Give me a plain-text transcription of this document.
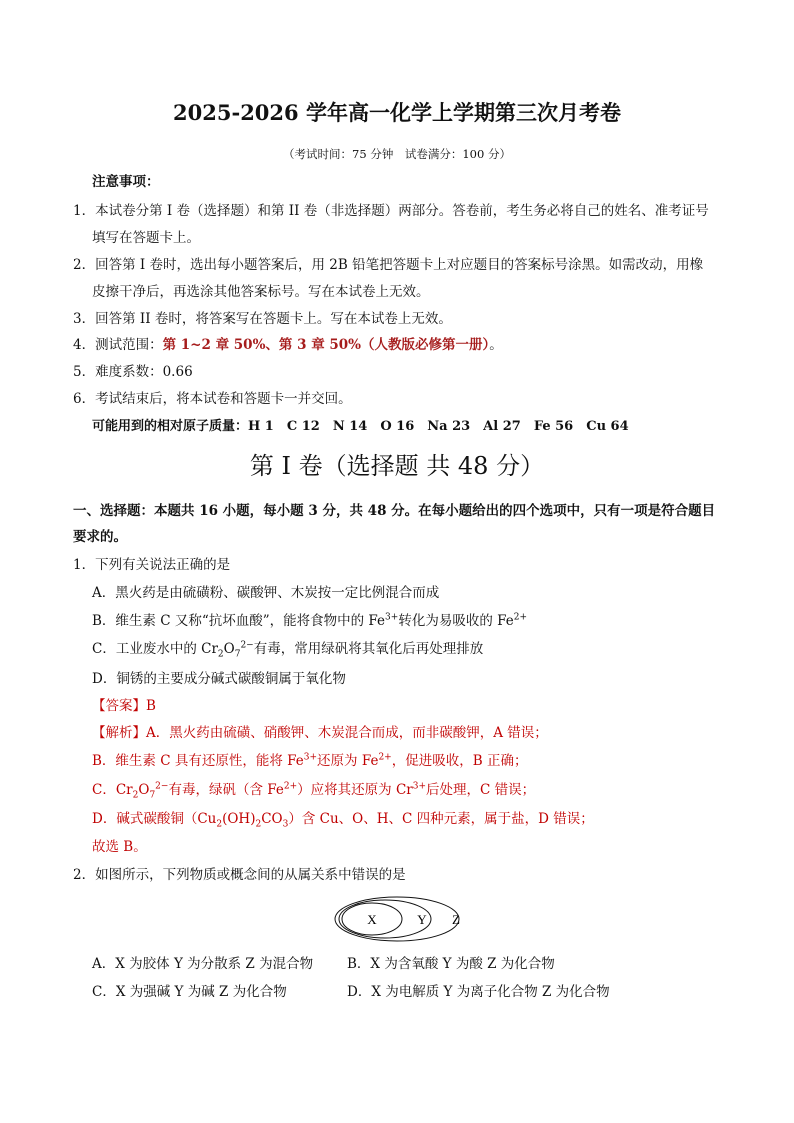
2025-2026 学年高一化学上学期第三次月考卷
（考试时间：75 分钟　试卷满分：100 分）
注意事项：
1．本试卷分第 I 卷（选择题）和第 II 卷（非选择题）两部分。答卷前，考生务必将自己的姓名、准考证号
填写在答题卡上。
2．回答第 I 卷时，选出每小题答案后，用 2B 铅笔把答题卡上对应题目的答案标号涂黑。如需改动，用橡
皮擦干净后，再选涂其他答案标号。写在本试卷上无效。
3．回答第 II 卷时，将答案写在答题卡上。写在本试卷上无效。
4．测试范围：第 1~2 章 50%、第 3 章 50%（人教版必修第一册）。
5．难度系数：0.66
6．考试结束后，将本试卷和答题卡一并交回。
可能用到的相对原子质量：H 1　C 12　N 14　O 16　Na 23　Al 27　Fe 56　Cu 64
第 I 卷（选择题 共 48 分）
一、选择题：本题共 16 小题，每小题 3 分，共 48 分。在每小题给出的四个选项中，只有一项是符合题目
要求的。
1．下列有关说法正确的是
A．黑火药是由硫磺粉、碳酸钾、木炭按一定比例混合而成
B．维生素 C 又称“抗坏血酸”，能将食物中的 $Fe^{3+}$转化为易吸收的 $Fe^{2+}$
C．工业废水中的 $Cr_2O_7^{2-}$有毒，常用绿矾将其氧化后再处理排放
D．铜锈的主要成分碱式碳酸铜属于氧化物
【答案】B
【解析】A．黑火药由硫磺、硝酸钾、木炭混合而成，而非碳酸钾，A 错误；
B．维生素 C 具有还原性，能将 $Fe^{3+}$还原为 $Fe^{2+}$，促进吸收，B 正确；
C．$Cr_2O_7^{2-}$有毒，绿矾（含 $Fe^{2+}$）应将其还原为 $Cr^{3+}$后处理，C 错误；
D．碱式碳酸铜$(Cu_2(OH)_2CO_3)$含 Cu、O、H、C 四种元素，属于盐，D 错误；
故选 B。
2．如图所示，下列物质或概念间的从属关系中错误的是
X	Y Z
A．X 为胶体 Y 为分散系 Z 为混合物	B．X 为含氧酸 Y 为酸 Z 为化合物
C．X 为强碱 Y 为碱 Z 为化合物	D．X 为电解质 Y 为离子化合物 Z 为化合物
